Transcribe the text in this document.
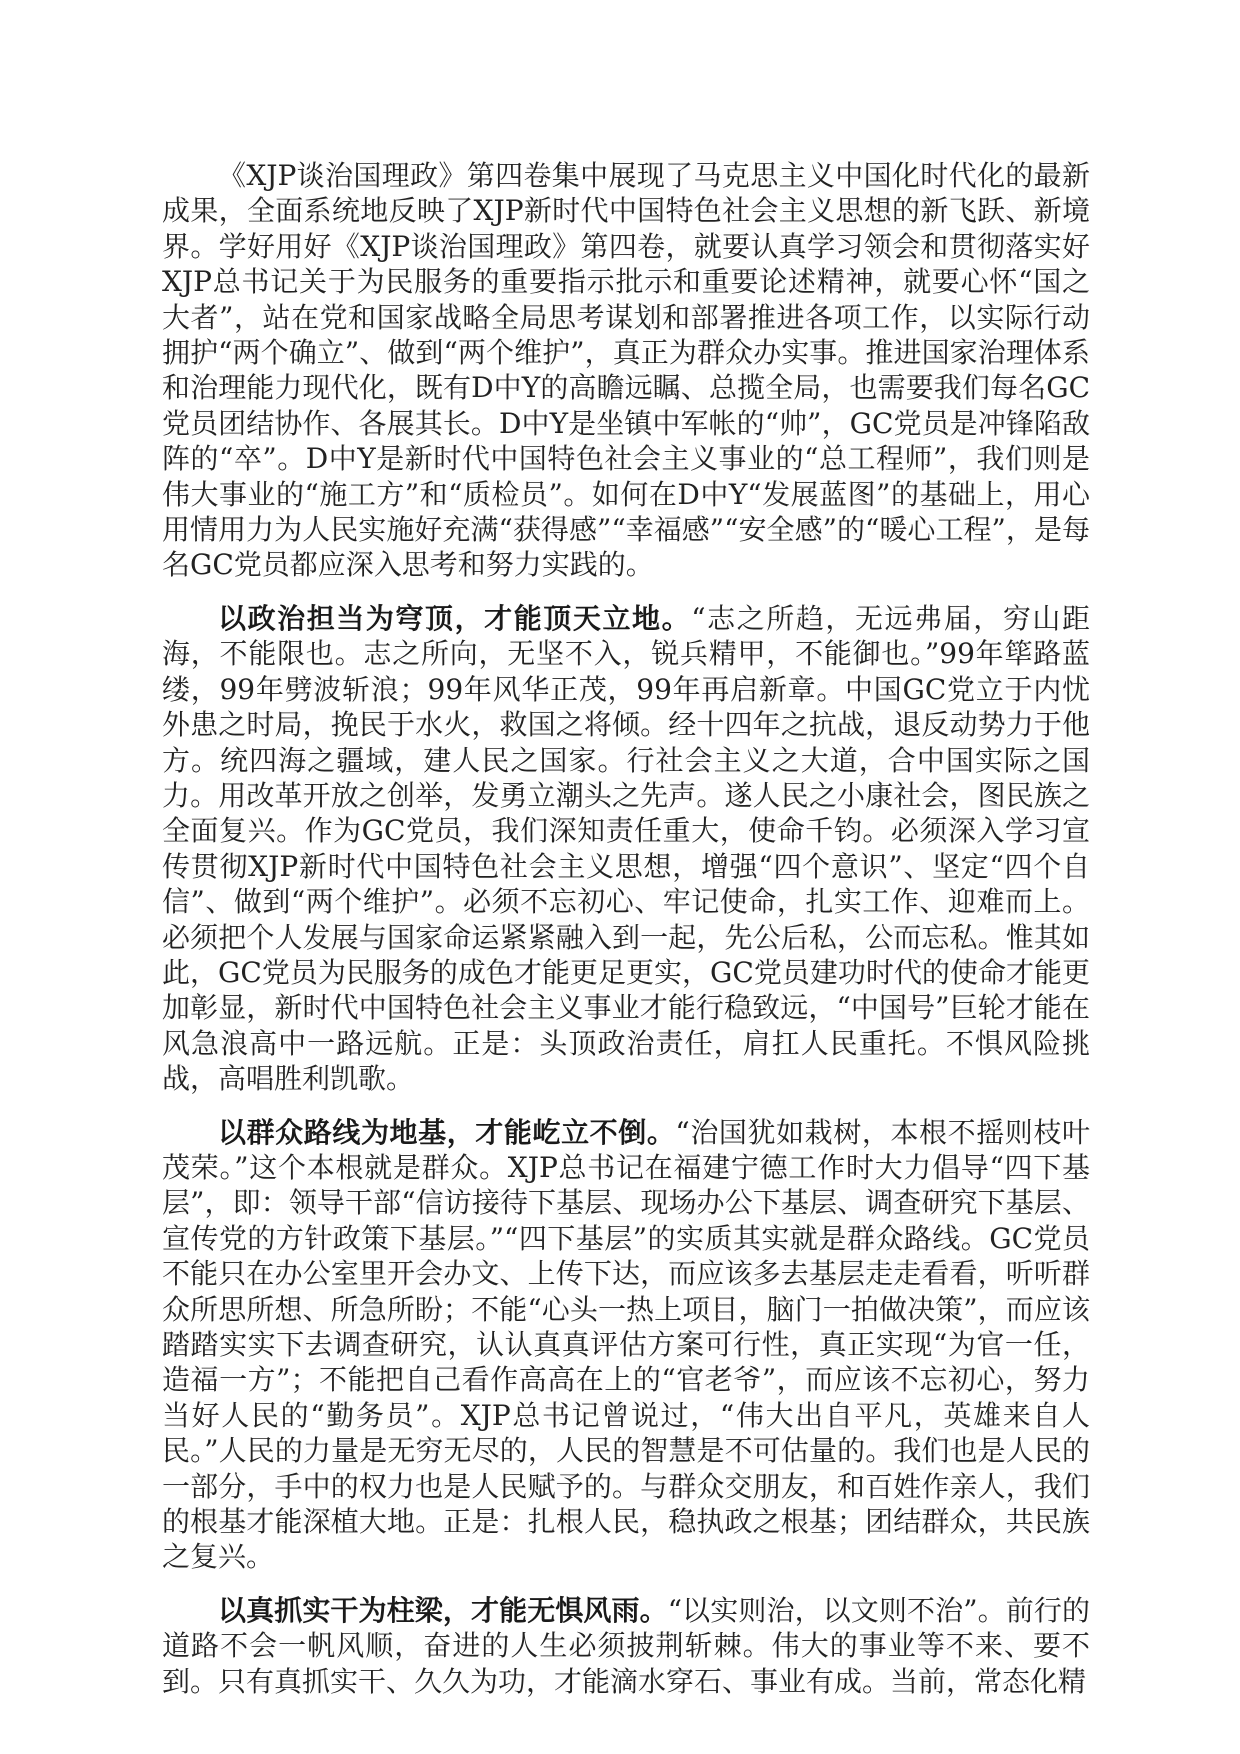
《XJP谈治国理政》第四卷集中展现了马克思主义中国化时代化的最新成果，全面系统地反映了XJP新时代中国特色社会主义思想的新飞跃、新境界。学好用好《XJP谈治国理政》第四卷，就要认真学习领会和贯彻落实好XJP总书记关于为民服务的重要指示批示和重要论述精神，就要心怀“国之大者”，站在党和国家战略全局思考谋划和部署推进各项工作，以实际行动拥护“两个确立”、做到“两个维护”，真正为群众办实事。推进国家治理体系和治理能力现代化，既有D中Y的高瞻远瞩、总揽全局，也需要我们每名GC党员团结协作、各展其长。D中Y是坐镇中军帐的“帅”，GC党员是冲锋陷敌阵的“卒”。D中Y是新时代中国特色社会主义事业的“总工程师”，我们则是伟大事业的“施工方”和“质检员”。如何在D中Y“发展蓝图”的基础上，用心用情用力为人民实施好充满“获得感”“幸福感”“安全感”的“暖心工程”，是每名GC党员都应深入思考和努力实践的。

以政治担当为穹顶，才能顶天立地。“志之所趋，无远弗届，穷山距海，不能限也。志之所向，无坚不入，锐兵精甲，不能御也。”99年筚路蓝缕，99年劈波斩浪；99年风华正茂，99年再启新章。中国GC党立于内忧外患之时局，挽民于水火，救国之将倾。经十四年之抗战，退反动势力于他方。统四海之疆域，建人民之国家。行社会主义之大道，合中国实际之国力。用改革开放之创举，发勇立潮头之先声。遂人民之小康社会，图民族之全面复兴。作为GC党员，我们深知责任重大，使命千钧。必须深入学习宣传贯彻XJP新时代中国特色社会主义思想，增强“四个意识”、坚定“四个自信”、做到“两个维护”。必须不忘初心、牢记使命，扎实工作、迎难而上。必须把个人发展与国家命运紧紧融入到一起，先公后私，公而忘私。惟其如此，GC党员为民服务的成色才能更足更实，GC党员建功时代的使命才能更加彰显，新时代中国特色社会主义事业才能行稳致远，“中国号”巨轮才能在风急浪高中一路远航。正是：头顶政治责任，肩扛人民重托。不惧风险挑战，高唱胜利凯歌。

以群众路线为地基，才能屹立不倒。“治国犹如栽树，本根不摇则枝叶茂荣。”这个本根就是群众。XJP总书记在福建宁德工作时大力倡导“四下基层”，即：领导干部“信访接待下基层、现场办公下基层、调查研究下基层、宣传党的方针政策下基层。”“四下基层”的实质其实就是群众路线。GC党员不能只在办公室里开会办文、上传下达，而应该多去基层走走看看，听听群众所思所想、所急所盼；不能“心头一热上项目，脑门一拍做决策”，而应该踏踏实实下去调查研究，认认真真评估方案可行性，真正实现“为官一任，造福一方”；不能把自己看作高高在上的“官老爷”，而应该不忘初心，努力当好人民的“勤务员”。XJP总书记曾说过，“伟大出自平凡，英雄来自人民。”人民的力量是无穷无尽的，人民的智慧是不可估量的。我们也是人民的一部分，手中的权力也是人民赋予的。与群众交朋友，和百姓作亲人，我们的根基才能深植大地。正是：扎根人民，稳执政之根基；团结群众，共民族之复兴。

以真抓实干为柱梁，才能无惧风雨。“以实则治，以文则不治”。前行的道路不会一帆风顺，奋进的人生必须披荆斩棘。伟大的事业等不来、要不到。只有真抓实干、久久为功，才能滴水穿石、事业有成。当前，常态化精
